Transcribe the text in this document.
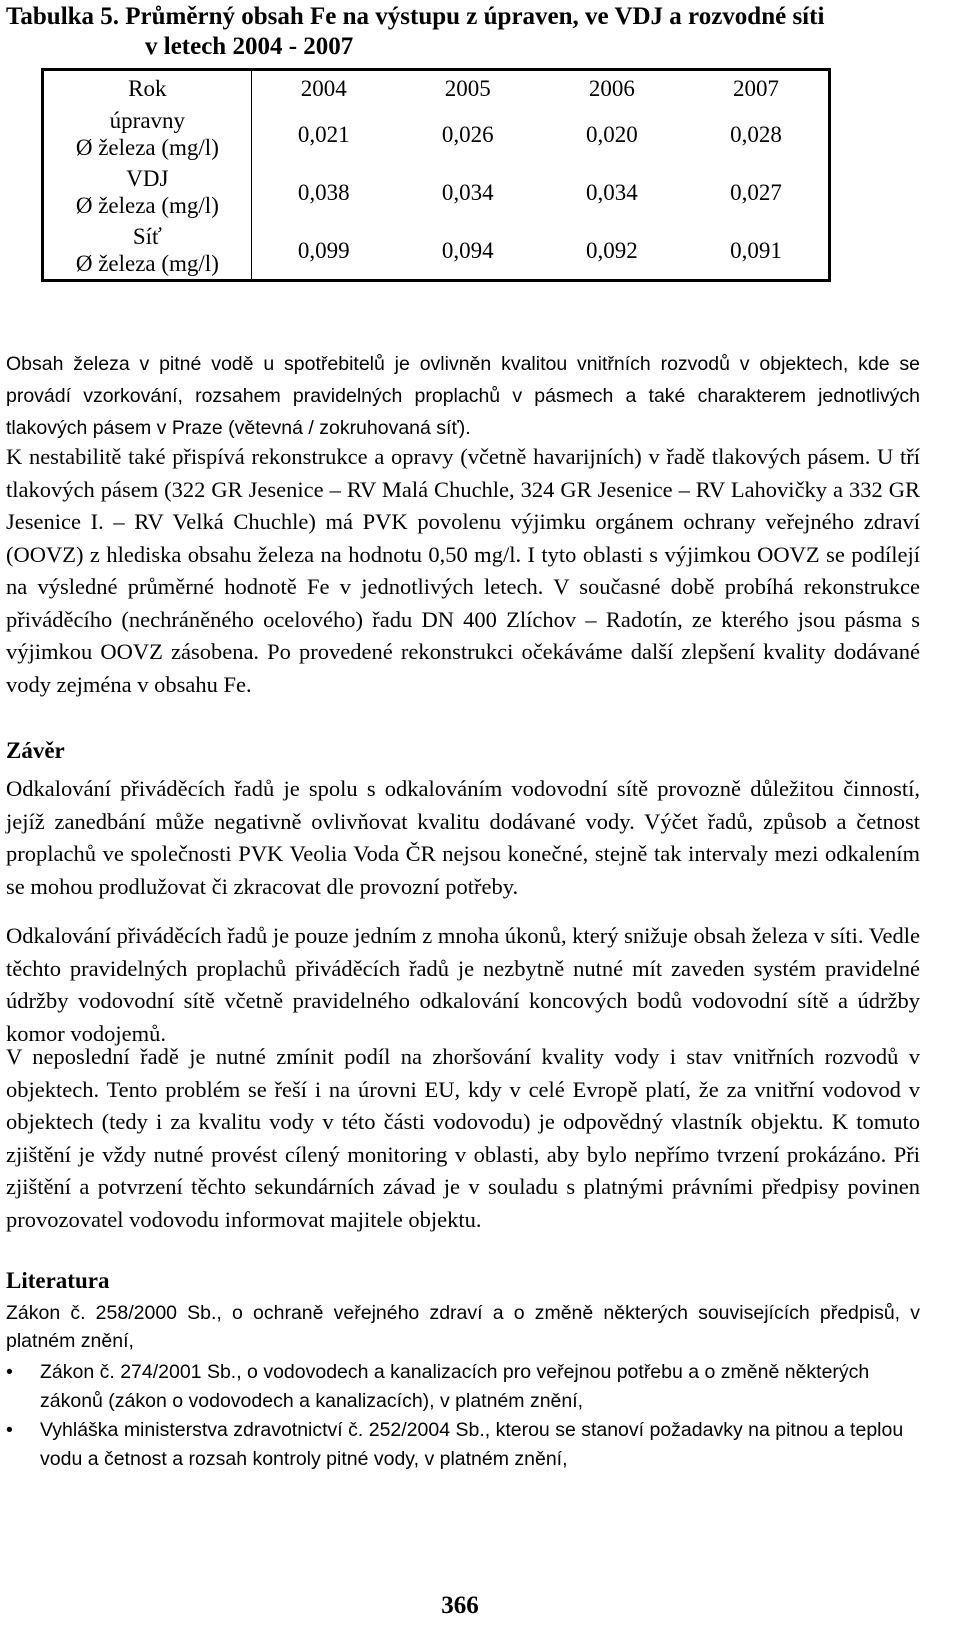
Tabulka 5. Průměrný obsah Fe na výstupu z úpraven, ve VDJ a rozvodné síti
v letech 2004 - 2007
Rok	2004	2005	2006	2007

úpravny
Ø železa (mg/l)	0,021	0,026	0,020	0,028

VDJ
Ø železa (mg/l)	0,038	0,034	0,034	0,027

Síť
Ø železa (mg/l)	0,099	0,094	0,092	0,091
Obsah železa v pitné vodě u spotřebitelů je ovlivněn kvalitou vnitřních rozvodů v objektech, kde se provádí vzorkování, rozsahem pravidelných proplachů v pásmech a také charakterem jednotlivých tlakových pásem v Praze (větevná / zokruhovaná síť).
K nestabilitě také přispívá rekonstrukce a opravy (včetně havarijních) v řadě tlakových pásem. U tří tlakových pásem (322 GR Jesenice – RV Malá Chuchle, 324 GR Jesenice – RV Lahovičky a 332 GR Jesenice I. – RV Velká Chuchle) má PVK povolenu výjimku orgánem ochrany veřejného zdraví (OOVZ) z hlediska obsahu železa na hodnotu 0,50 mg/l. I tyto oblasti s výjimkou OOVZ se podílejí na výsledné průměrné hodnotě Fe v jednotlivých letech. V současné době probíhá rekonstrukce přiváděcího (nechráněného ocelového) řadu DN 400 Zlíchov – Radotín, ze kterého jsou pásma s výjimkou OOVZ zásobena. Po provedené rekonstrukci očekáváme další zlepšení kvality dodávané vody zejména v obsahu Fe.
Závěr
Odkalování přiváděcích řadů je spolu s odkalováním vodovodní sítě provozně důležitou činností, jejíž zanedbání může negativně ovlivňovat kvalitu dodávané vody. Výčet řadů, způsob a četnost proplachů ve společnosti PVK Veolia Voda ČR nejsou konečné, stejně tak intervaly mezi odkalením se mohou prodlužovat či zkracovat dle provozní potřeby.
Odkalování přiváděcích řadů je pouze jedním z mnoha úkonů, který snižuje obsah železa v síti. Vedle těchto pravidelných proplachů přiváděcích řadů je nezbytně nutné mít zaveden systém pravidelné údržby vodovodní sítě včetně pravidelného odkalování koncových bodů vodovodní sítě a údržby komor vodojemů.
V neposlední řadě je nutné zmínit podíl na zhoršování kvality vody i stav vnitřních rozvodů v objektech. Tento problém se řeší i na úrovni EU, kdy v celé Evropě platí, že za vnitřní vodovod v objektech (tedy i za kvalitu vody v této části vodovodu) je odpovědný vlastník objektu. K tomuto zjištění je vždy nutné provést cílený monitoring v oblasti, aby bylo nepřímo tvrzení prokázáno. Při zjištění a potvrzení těchto sekundárních závad je v souladu s platnými právními předpisy povinen provozovatel vodovodu informovat majitele objektu.
Literatura
Zákon č. 258/2000 Sb., o ochraně veřejného zdraví a o změně některých souvisejících předpisů, v platném znění,
• Zákon č. 274/2001 Sb., o vodovodech a kanalizacích pro veřejnou potřebu a o změně některých zákonů (zákon o vodovodech a kanalizacích), v platném znění,
• Vyhláška ministerstva zdravotnictví č. 252/2004 Sb., kterou se stanoví požadavky na pitnou a teplou vodu a četnost a rozsah kontroly pitné vody, v platném znění,
366
